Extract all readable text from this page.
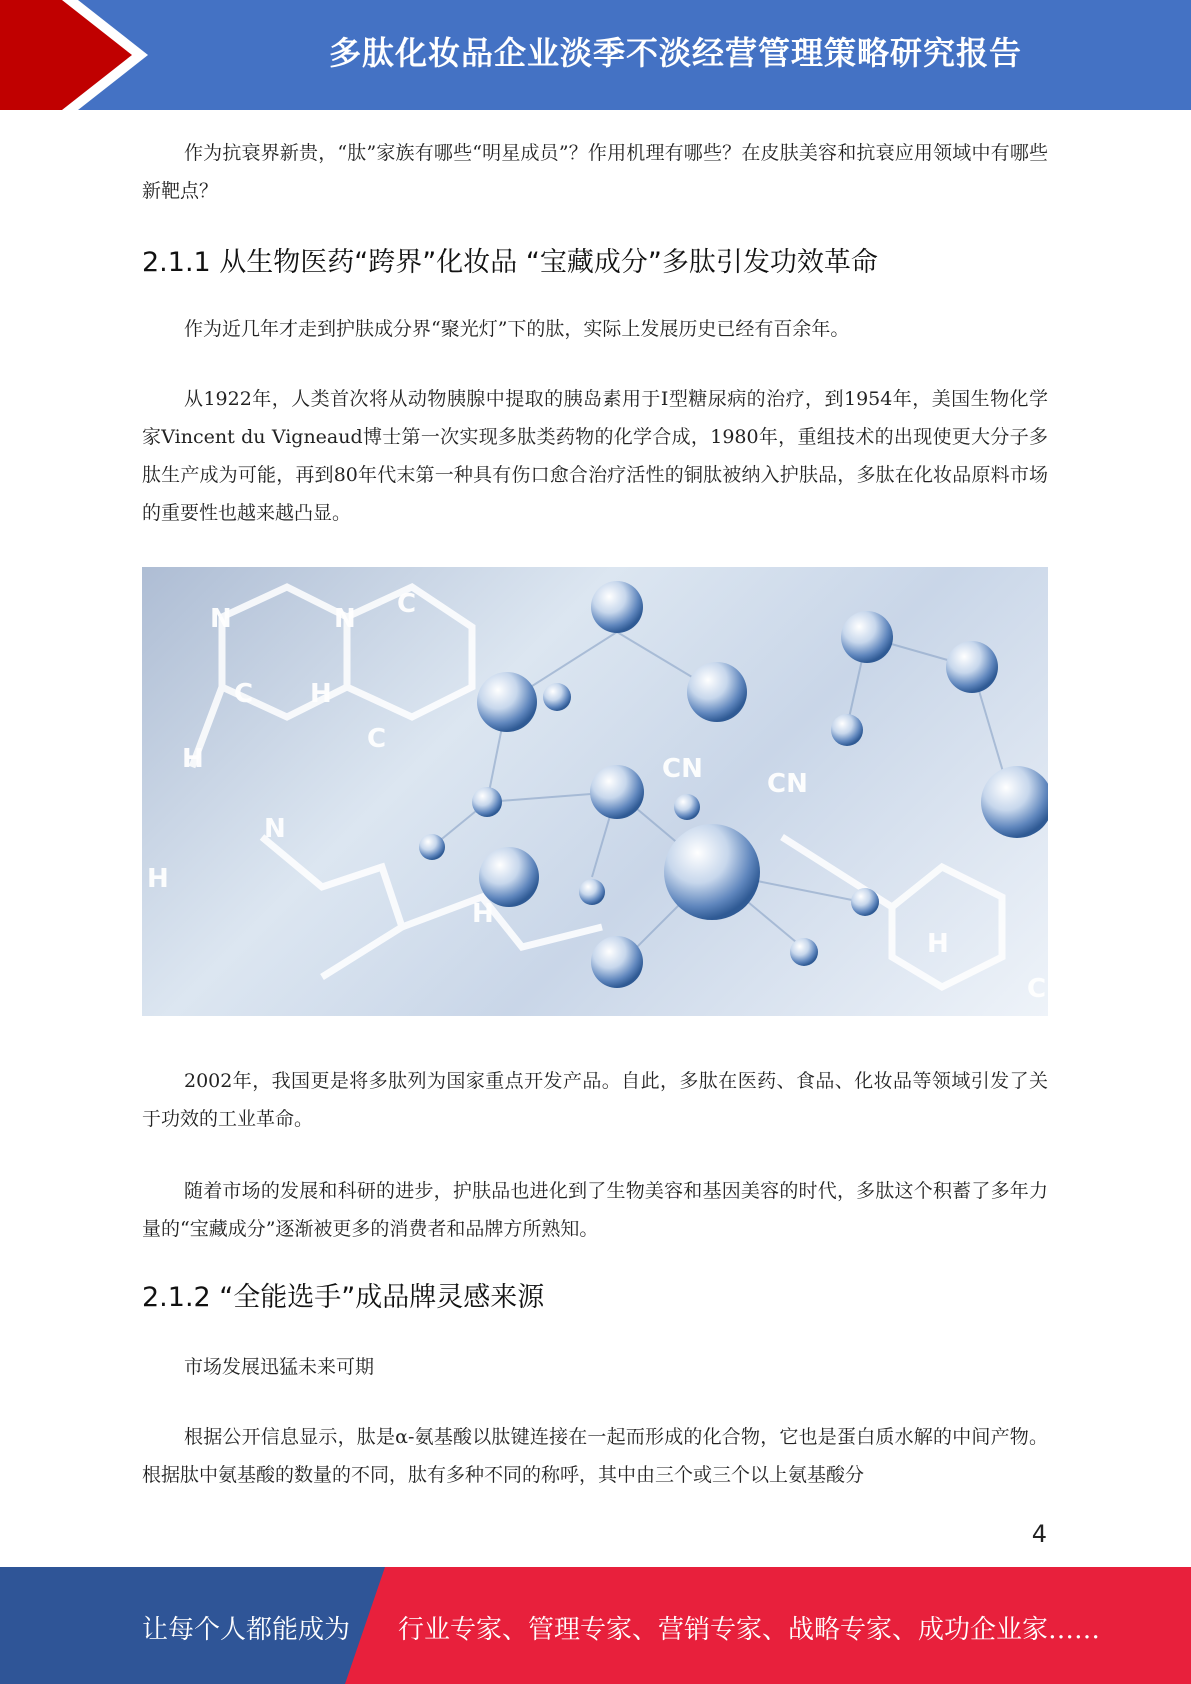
多肽化妆品企业淡季不淡经营管理策略研究报告

作为抗衰界新贵，“肽”家族有哪些“明星成员”？作用机理有哪些？在皮肤美容和抗衰应用领域中有哪些新靶点？

2.1.1 从生物医药“跨界”化妆品 “宝藏成分”多肽引发功效革命

作为近几年才走到护肤成分界“聚光灯”下的肽，实际上发展历史已经有百余年。

从1922年，人类首次将从动物胰腺中提取的胰岛素用于Ⅰ型糖尿病的治疗，到1954年，美国生物化学家Vincent du Vigneaud博士第一次实现多肽类药物的化学合成，1980年，重组技术的出现使更大分子多肽生产成为可能，再到80年代末第一种具有伤口愈合治疗活性的铜肽被纳入护肤品，多肽在化妆品原料市场的重要性也越来越凸显。

N	N
C H
H
C
C
CN CN
H
N
H
H
C

2002年，我国更是将多肽列为国家重点开发产品。自此，多肽在医药、食品、化妆品等领域引发了关于功效的工业革命。

随着市场的发展和科研的进步，护肤品也进化到了生物美容和基因美容的时代，多肽这个积蓄了多年力量的“宝藏成分”逐渐被更多的消费者和品牌方所熟知。

2.1.2 “全能选手”成品牌灵感来源

市场发展迅猛未来可期

根据公开信息显示，肽是α-氨基酸以肽键连接在一起而形成的化合物，它也是蛋白质水解的中间产物。根据肽中氨基酸的数量的不同，肽有多种不同的称呼，其中由三个或三个以上氨基酸分

4
让每个人都能成为 行业专家、管理专家、营销专家、战略专家、成功企业家……
